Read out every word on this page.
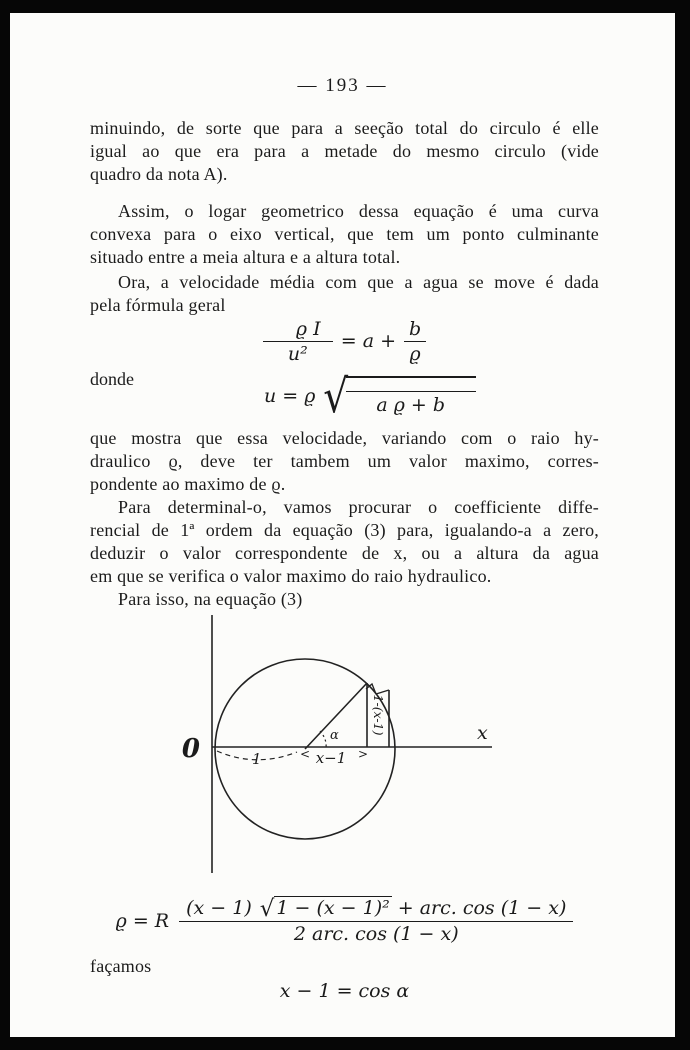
— 193 —

minuindo, de sorte que para a seeção total do circulo é elle
igual ao que era para a metade do mesmo circulo (vide
quadro da nota A).

Assim, o logar geometrico dessa equação é uma curva
convexa para o eixo vertical, que tem um ponto culminante
situado entre a meia altura e a altura total.

Ora, a velocidade média com que a agua se move é dada
pela fórmula geral

$\frac{\text{ϱ I}}{\text{u²}} = a + \frac{b}{ϱ}$
donde
u = ϱ √	a ϱ + b

que mostra que essa velocidade, variando com o raio hy-
draulico ϱ, deve ter tambem um valor maximo, corres-
pondente ao maximo de ϱ.

Para determinal-o, vamos procurar o coefficiente diffe-
rencial de 1ª ordem da equação (3) para, igualando-a a zero,
deduzir o valor correspondente de x, ou a altura da agua
em que se verifica o valor maximo do raio hydraulico.

Para isso, na equação (3)

0
x
α
1	<	>
x−1
1-(x-1)
ϱ = R $\frac{\text{(x − 1) √ 1 − (x − 1)² + arc. cos (1 − x)}}{\text{2 arc. cos (1 − x)}}$

façamos

x − 1 = cos α
